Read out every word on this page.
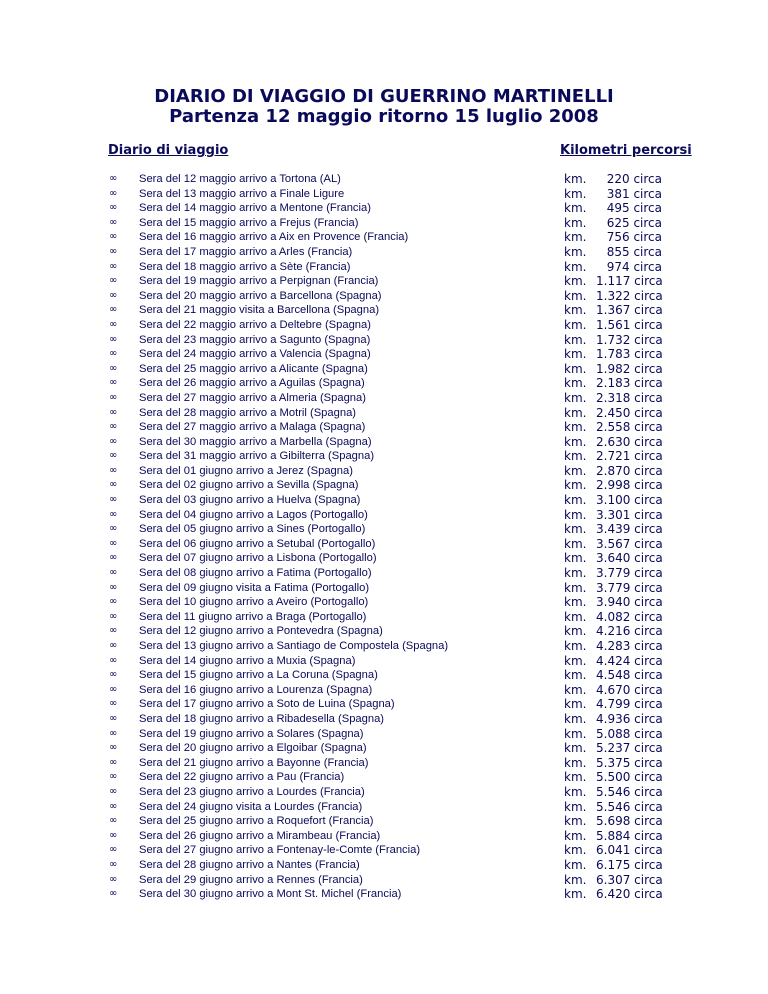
DIARIO DI VIAGGIO DI GUERRINO MARTINELLI
Partenza 12 maggio ritorno 15 luglio 2008
Diario di viaggio	Kilometri percorsi
∞ Sera del 12 maggio arrivo a Tortona (AL)	km.	220 circa
∞ Sera del 13 maggio arrivo a Finale Ligure	km.	381 circa
∞ Sera del 14 maggio arrivo a Mentone (Francia)	km.	495 circa
∞ Sera del 15 maggio arrivo a Frejus (Francia)	km.	625 circa
∞ Sera del 16 maggio arrivo a Aix en Provence (Francia)	km.	756 circa
∞ Sera del 17 maggio arrivo a Arles (Francia)	km.	855 circa
∞ Sera del 18 maggio arrivo a Sète (Francia)	km.	974 circa
∞ Sera del 19 maggio arrivo a Perpignan (Francia)	km. 1.117 circa
∞ Sera del 20 maggio arrivo a Barcellona (Spagna)	km. 1.322 circa
∞ Sera del 21 maggio visita a Barcellona (Spagna)	km. 1.367 circa
∞ Sera del 22 maggio arrivo a Deltebre (Spagna)	km. 1.561 circa
∞ Sera del 23 maggio arrivo a Sagunto (Spagna)	km. 1.732 circa
∞ Sera del 24 maggio arrivo a Valencia (Spagna)	km. 1.783 circa
∞ Sera del 25 maggio arrivo a Alicante (Spagna)	km. 1.982 circa
∞ Sera del 26 maggio arrivo a Aguilas (Spagna)	km. 2.183 circa
∞ Sera del 27 maggio arrivo a Almeria (Spagna)	km. 2.318 circa
∞ Sera del 28 maggio arrivo a Motril (Spagna)	km. 2.450 circa
∞ Sera del 27 maggio arrivo a Malaga (Spagna)	km. 2.558 circa
∞ Sera del 30 maggio arrivo a Marbella (Spagna)	km. 2.630 circa
∞ Sera del 31 maggio arrivo a Gibilterra (Spagna)	km. 2.721 circa
∞ Sera del 01 giugno arrivo a Jerez (Spagna)	km. 2.870 circa
∞ Sera del 02 giugno arrivo a Sevilla (Spagna)	km. 2.998 circa
∞ Sera del 03 giugno arrivo a Huelva (Spagna)	km. 3.100 circa
∞ Sera del 04 giugno arrivo a Lagos (Portogallo)	km. 3.301 circa
∞ Sera del 05 giugno arrivo a Sines (Portogallo)	km. 3.439 circa
∞ Sera del 06 giugno arrivo a Setubal (Portogallo)	km. 3.567 circa
∞ Sera del 07 giugno arrivo a Lisbona (Portogallo)	km. 3.640 circa
∞ Sera del 08 giugno arrivo a Fatima (Portogallo)	km. 3.779 circa
∞ Sera del 09 giugno visita a Fatima (Portogallo)	km. 3.779 circa
∞ Sera del 10 giugno arrivo a Aveiro (Portogallo)	km. 3.940 circa
∞ Sera del 11 giugno arrivo a Braga (Portogallo)	km. 4.082 circa
∞ Sera del 12 giugno arrivo a Pontevedra (Spagna)	km. 4.216 circa
∞ Sera del 13 giugno arrivo a Santiago de Compostela (Spagna)	km. 4.283 circa
∞ Sera del 14 giugno arrivo a Muxia (Spagna)	km. 4.424 circa
∞ Sera del 15 giugno arrivo a La Coruna (Spagna)	km. 4.548 circa
∞ Sera del 16 giugno arrivo a Lourenza (Spagna)	km. 4.670 circa
∞ Sera del 17 giugno arrivo a Soto de Luina (Spagna)	km. 4.799 circa
∞ Sera del 18 giugno arrivo a Ribadesella (Spagna)	km. 4.936 circa
∞ Sera del 19 giugno arrivo a Solares (Spagna)	km. 5.088 circa
∞ Sera del 20 giugno arrivo a Elgoibar (Spagna)	km. 5.237 circa
∞ Sera del 21 giugno arrivo a Bayonne (Francia)	km. 5.375 circa
∞ Sera del 22 giugno arrivo a Pau (Francia)	km. 5.500 circa
∞ Sera del 23 giugno arrivo a Lourdes (Francia)	km. 5.546 circa
∞ Sera del 24 giugno visita a Lourdes (Francia)	km. 5.546 circa
∞ Sera del 25 giugno arrivo a Roquefort (Francia)	km. 5.698 circa
∞ Sera del 26 giugno arrivo a Mirambeau (Francia)	km. 5.884 circa
∞ Sera del 27 giugno arrivo a Fontenay-le-Comte (Francia)	km. 6.041 circa
∞ Sera del 28 giugno arrivo a Nantes (Francia)	km. 6.175 circa
∞ Sera del 29 giugno arrivo a Rennes (Francia)	km. 6.307 circa
∞ Sera del 30 giugno arrivo a Mont St. Michel (Francia)	km. 6.420 circa
